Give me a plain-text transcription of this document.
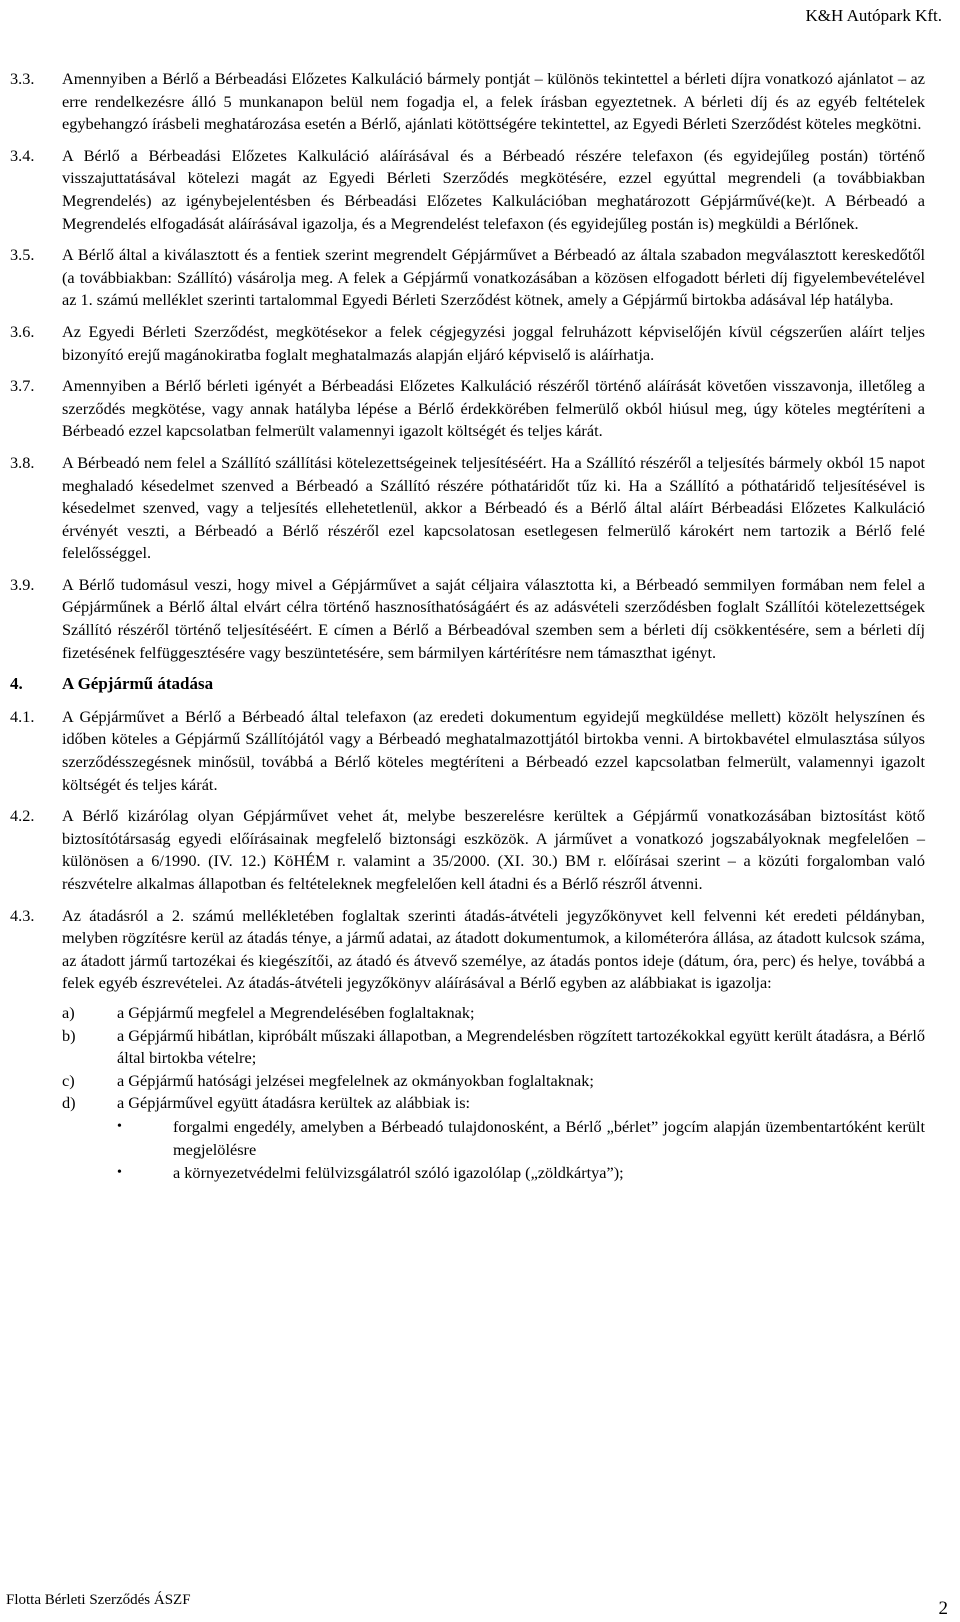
K&H Autópark Kft.
3.3.	Amennyiben a Bérlő a Bérbeadási Előzetes Kalkuláció bármely pontját – különös tekintettel a bérleti díjra vonatkozó ajánlatot – az erre rendelkezésre álló 5 munkanapon belül nem fogadja el, a felek írásban egyeztetnek. A bérleti díj és az egyéb feltételek egybehangzó írásbeli meghatározása esetén a Bérlő, ajánlati kötöttségére tekintettel, az Egyedi Bérleti Szerződést köteles megkötni.
3.4.	A Bérlő a Bérbeadási Előzetes Kalkuláció aláírásával és a Bérbeadó részére telefaxon (és egyidejűleg postán) történő visszajuttatásával kötelezi magát az Egyedi Bérleti Szerződés megkötésére, ezzel egyúttal megrendeli (a továbbiakban Megrendelés) az igénybejelentésben és Bérbeadási Előzetes Kalkulációban meghatározott Gépjárművé(ke)t. A Bérbeadó a Megrendelés elfogadását aláírásával igazolja, és a Megrendelést telefaxon (és egyidejűleg postán is) megküldi a Bérlőnek.
3.5.	A Bérlő által a kiválasztott és a fentiek szerint megrendelt Gépjárművet a Bérbeadó az általa szabadon megválasztott kereskedőtől (a továbbiakban: Szállító) vásárolja meg. A felek a Gépjármű vonatkozásában a közösen elfogadott bérleti díj figyelembevételével az 1. számú melléklet szerinti tartalommal Egyedi Bérleti Szerződést kötnek, amely a Gépjármű birtokba adásával lép hatályba.
3.6.	Az Egyedi Bérleti Szerződést, megkötésekor a felek cégjegyzési joggal felruházott képviselőjén kívül cégszerűen aláírt teljes bizonyító erejű magánokiratba foglalt meghatalmazás alapján eljáró képviselő is aláírhatja.
3.7.	Amennyiben a Bérlő bérleti igényét a Bérbeadási Előzetes Kalkuláció részéről történő aláírását követően visszavonja, illetőleg a szerződés megkötése, vagy annak hatályba lépése a Bérlő érdekkörében felmerülő okból hiúsul meg, úgy köteles megtéríteni a Bérbeadó ezzel kapcsolatban felmerült valamennyi igazolt költségét és teljes kárát.
3.8.	A Bérbeadó nem felel a Szállító szállítási kötelezettségeinek teljesítéséért. Ha a Szállító részéről a teljesítés bármely okból 15 napot meghaladó késedelmet szenved a Bérbeadó a Szállító részére póthatáridőt tűz ki. Ha a Szállító a póthatáridő teljesítésével is késedelmet szenved, vagy a teljesítés ellehetetlenül, akkor a Bérbeadó és a Bérlő által aláírt Bérbeadási Előzetes Kalkuláció érvényét veszti, a Bérbeadó a Bérlő részéről ezel kapcsolatosan esetlegesen felmerülő károkért nem tartozik a Bérlő felé felelősséggel.
3.9.	A Bérlő tudomásul veszi, hogy mivel a Gépjárművet a saját céljaira választotta ki, a Bérbeadó semmilyen formában nem felel a Gépjárműnek a Bérlő által elvárt célra történő hasznosíthatóságáért és az adásvételi szerződésben foglalt Szállítói kötelezettségek Szállító részéről történő teljesítéséért. E címen a Bérlő a Bérbeadóval szemben sem a bérleti díj csökkentésére, sem a bérleti díj fizetésének felfüggesztésére vagy beszüntetésére, sem bármilyen kártérítésre nem támaszthat igényt.
4.	A Gépjármű átadása
4.1.	A Gépjárművet a Bérlő a Bérbeadó által telefaxon (az eredeti dokumentum egyidejű megküldése mellett) közölt helyszínen és időben köteles a Gépjármű Szállítójától vagy a Bérbeadó meghatalmazottjától birtokba venni. A birtokbavétel elmulasztása súlyos szerződésszegésnek minősül, továbbá a Bérlő köteles megtéríteni a Bérbeadó ezzel kapcsolatban felmerült, valamennyi igazolt költségét és teljes kárát.
4.2.	A Bérlő kizárólag olyan Gépjárművet vehet át, melybe beszerelésre kerültek a Gépjármű vonatkozásában biztosítást kötő biztosítótársaság egyedi előírásainak megfelelő biztonsági eszközök. A járművet a vonatkozó jogszabályoknak megfelelően – különösen a 6/1990. (IV. 12.) KöHÉM r. valamint a 35/2000. (XI. 30.) BM r. előírásai szerint – a közúti forgalomban való részvételre alkalmas állapotban és feltételeknek megfelelően kell átadni és a Bérlő részről átvenni.
4.3.	Az átadásról a 2. számú mellékletében foglaltak szerinti átadás-átvételi jegyzőkönyvet kell felvenni két eredeti példányban, melyben rögzítésre kerül az átadás ténye, a jármű adatai, az átadott dokumentumok, a kilométeróra állása, az átadott kulcsok száma, az átadott jármű tartozékai és kiegészítői, az átadó és átvevő személye, az átadás pontos ideje (dátum, óra, perc) és helye, továbbá a felek egyéb észrevételei. Az átadás-átvételi jegyzőkönyv aláírásával a Bérlő egyben az alábbiakat is igazolja:
a)	a Gépjármű megfelel a Megrendelésében foglaltaknak;
b)	a Gépjármű hibátlan, kipróbált műszaki állapotban, a Megrendelésben rögzített tartozékokkal együtt került átadásra, a Bérlő által birtokba vételre;
c)	a Gépjármű hatósági jelzései megfelelnek az okmányokban foglaltaknak;
d)	a Gépjárművel együtt átadásra kerültek az alábbiak is:
•	forgalmi engedély, amelyben a Bérbeadó tulajdonosként, a Bérlő „bérlet” jogcím alapján üzembentartóként került megjelölésre
•	a környezetvédelmi felülvizsgálatról szóló igazolólap („zöldkártya”);
Flotta Bérleti Szerződés ÁSZF	2
